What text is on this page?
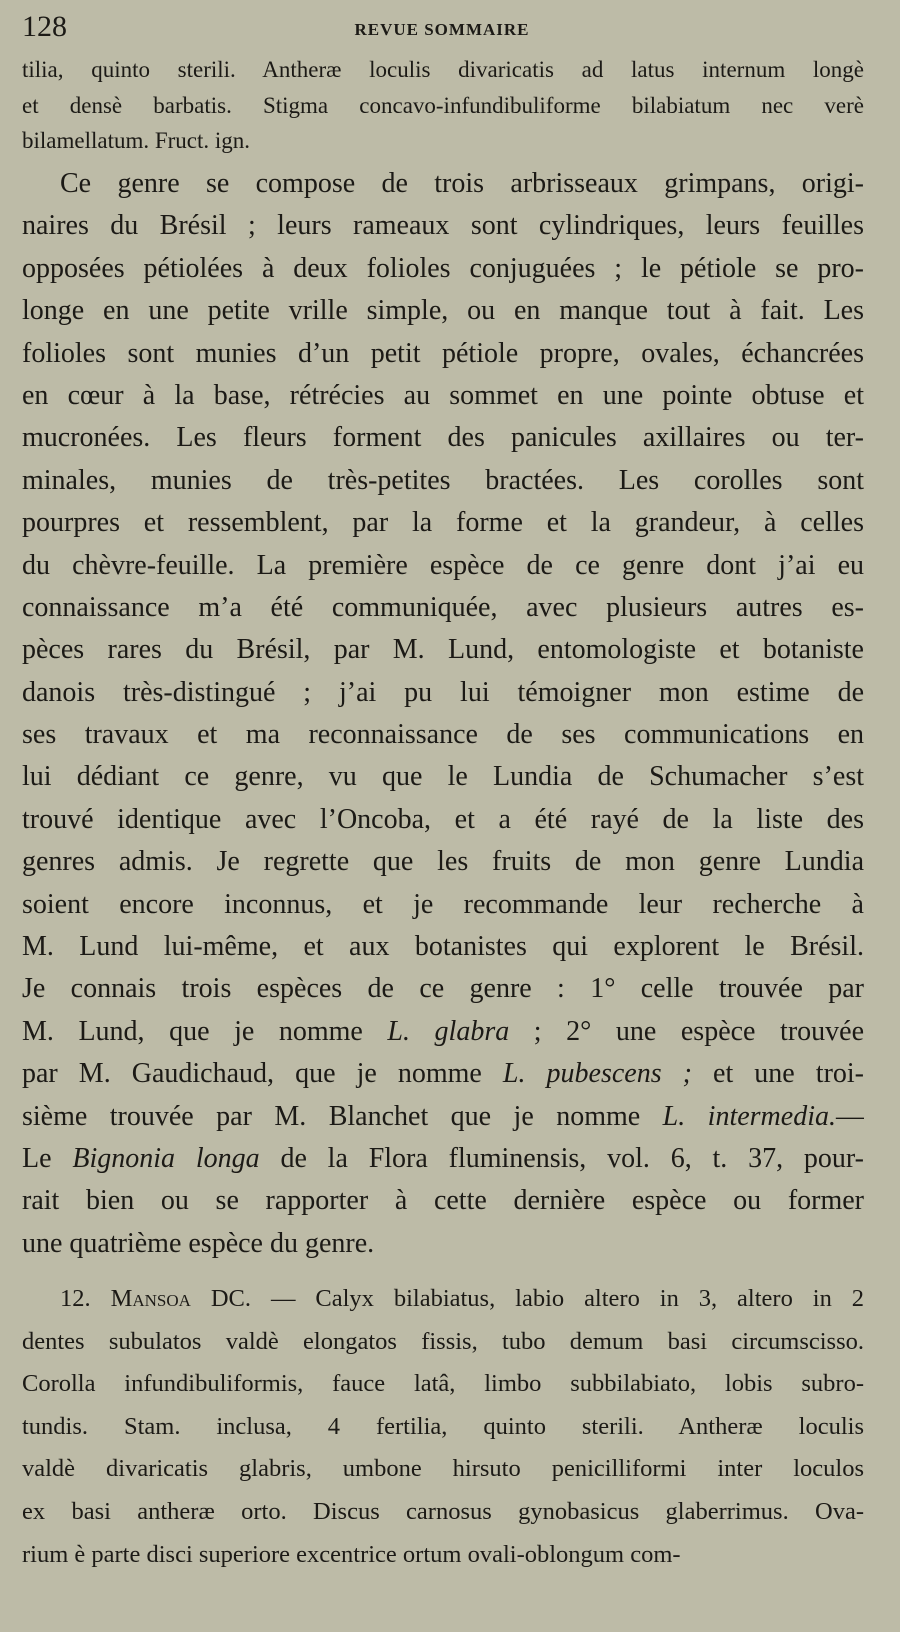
128	REVUE SOMMAIRE
tilia, quinto sterili. Antheræ loculis divaricatis ad latus internum longè
et densè barbatis. Stigma concavo-infundibuliforme bilabiatum nec verè
bilamellatum. Fruct. ign.
Ce genre se compose de trois arbrisseaux grimpans, origi-
naires du Brésil ; leurs rameaux sont cylindriques, leurs feuilles
opposées pétiolées à deux folioles conjuguées ; le pétiole se pro-
longe en une petite vrille simple, ou en manque tout à fait. Les
folioles sont munies d’un petit pétiole propre, ovales, échancrées
en cœur à la base, rétrécies au sommet en une pointe obtuse et
mucronées. Les fleurs forment des panicules axillaires ou ter-
minales, munies de très-petites bractées. Les corolles sont
pourpres et ressemblent, par la forme et la grandeur, à celles
du chèvre-feuille. La première espèce de ce genre dont j’ai eu
connaissance m’a été communiquée, avec plusieurs autres es-
pèces rares du Brésil, par M. Lund, entomologiste et botaniste
danois très-distingué ; j’ai pu lui témoigner mon estime de
ses travaux et ma reconnaissance de ses communications en
lui dédiant ce genre, vu que le Lundia de Schumacher s’est
trouvé identique avec l’Oncoba, et a été rayé de la liste des
genres admis. Je regrette que les fruits de mon genre Lundia
soient encore inconnus, et je recommande leur recherche à
M. Lund lui-même, et aux botanistes qui explorent le Brésil.
Je connais trois espèces de ce genre : 1° celle trouvée par
M. Lund, que je nomme L. glabra ; 2° une espèce trouvée
par M. Gaudichaud, que je nomme L. pubescens ; et une troi-
sième trouvée par M. Blanchet que je nomme L. intermedia.—
Le Bignonia longa de la Flora fluminensis, vol. 6, t. 37, pour-
rait bien ou se rapporter à cette dernière espèce ou former
une quatrième espèce du genre.
12. Mansoa DC. — Calyx bilabiatus, labio altero in 3, altero in 2
dentes subulatos valdè elongatos fissis, tubo demum basi circumscisso.
Corolla infundibuliformis, fauce latâ, limbo subbilabiato, lobis subro-
tundis. Stam. inclusa, 4 fertilia, quinto sterili. Antheræ loculis
valdè divaricatis glabris, umbone hirsuto penicilliformi inter loculos
ex basi antheræ orto. Discus carnosus gynobasicus glaberrimus. Ova-
rium è parte disci superiore excentrice ortum ovali-oblongum com-
